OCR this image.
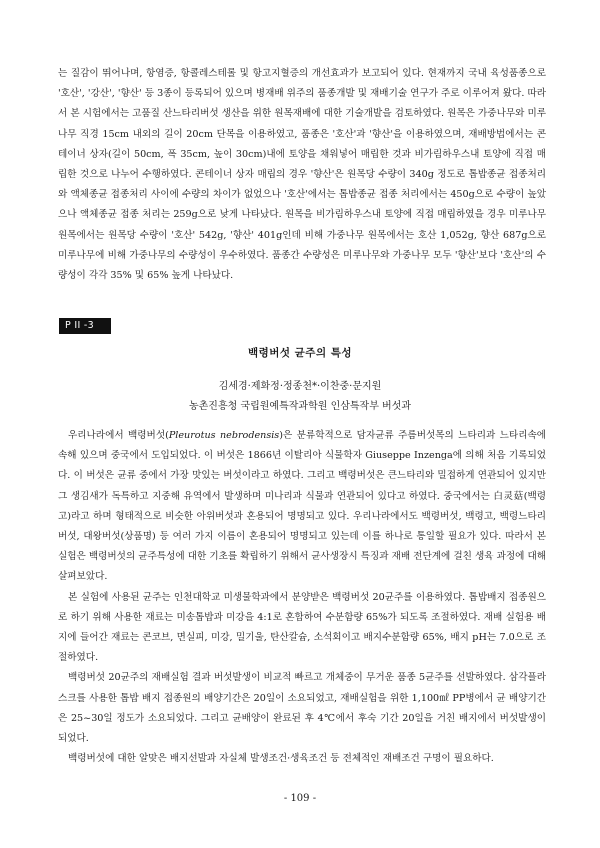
는 질감이 뛰어나며, 항염증, 항콜레스테롤 및 항고지혈증의 개선효과가 보고되어 있다. 현재까지 국내 육성품종으로 '호산', '강산', '향산' 등 3종이 등록되어 있으며 병재배 위주의 품종개발 및 재배기술 연구가 주로 이루어져 왔다. 따라서 본 시험에서는 고품질 산느타리버섯 생산을 위한 원목재배에 대한 기술개발을 검토하였다. 원목은 가중나무와 미루나무 직경 15cm 내외의 길이 20cm 단목을 이용하였고, 품종은 '호산'과 '향산'을 이용하였으며, 재배방법에서는 콘테이너 상자(길이 50cm, 폭 35cm, 높이 30cm)내에 토양을 채워넣어 매립한 것과 비가림하우스내 토양에 직접 매립한 것으로 나누어 수행하였다. 콘테이너 상자 매립의 경우 '향산'은 원목당 수량이 340g 정도로 톱밥종균 접종처리와 액체종균 접종처리 사이에 수량의 차이가 없었으나 '호산'에서는 톱밥종균 접종 처리에서는 450g으로 수량이 높았으나 액체종균 접종 처리는 259g으로 낮게 나타났다. 원목을 비가림하우스내 토양에 직접 매립하였을 경우 미루나무 원목에서는 원목당 수량이 '호산' 542g, '향산' 401g인데 비해 가중나무 원목에서는 호산 1,052g, 향산 687g으로 미루나무에 비해 가중나무의 수량성이 우수하였다. 품종간 수량성은 미루나무와 가중나무 모두 '향산'보다 '호산'의 수량성이 각각 35% 및 65% 높게 나타났다.

P II -3
백령버섯 균주의 특성
김세경·제화정·정종천*·이찬중·문지원
농촌진흥청 국립원예특작과학원 인삼특작부 버섯과
우리나라에서 백령버섯(Pleurotus nebrodensis)은 분류학적으로 담자균류 주름버섯목의 느타리과 느타리속에 속해 있으며 중국에서 도입되었다. 이 버섯은 1866년 이탈리아 식물학자 Giuseppe Inzenga에 의해 처음 기록되었다. 이 버섯은 균류 중에서 가장 맛있는 버섯이라고 하였다. 그리고 백령버섯은 큰느타리와 밀접하게 연관되어 있지만 그 생김새가 독특하고 지중해 유역에서 발생하며 미나리과 식물과 연관되어 있다고 하였다. 중국에서는 白灵菇(백령고)라고 하며 형태적으로 비슷한 아위버섯과 혼용되어 명명되고 있다. 우리나라에서도 백령버섯, 백령고, 백령느타리버섯, 대왕버섯(상품명) 등 여러 가지 이름이 혼용되어 명명되고 있는데 이를 하나로 통일할 필요가 있다. 따라서 본 실험은 백령버섯의 균주특성에 대한 기초를 확립하기 위해서 균사생장시 특징과 재배 전단계에 걸친 생육 과정에 대해 살펴보았다.
본 실험에 사용된 균주는 인천대학교 미생물학과에서 분양받은 백령버섯 20균주를 이용하였다. 톱밥배지 접종원으로 하기 위해 사용한 재료는 미송톱밥과 미강을 4:1로 혼합하여 수분함량 65%가 되도록 조절하였다. 재배 실험용 배지에 들어간 재료는 콘코브, 면실피, 미강, 밀기울, 탄산칼슘, 소석회이고 배지수분함량 65%, 배지 pH는 7.0으로 조절하였다.
백령버섯 20균주의 재배실험 결과 버섯발생이 비교적 빠르고 개체중이 무거운 품종 5균주를 선발하였다. 삼각플라스크를 사용한 톱밥 배지 접종원의 배양기간은 20일이 소요되었고, 재배실험을 위한 1,100㎖ PP병에서 균 배양기간은 25~30일 정도가 소요되었다. 그리고 균배양이 완료된 후 4℃에서 후숙 기간 20일을 거친 배지에서 버섯발생이 되었다.
백령버섯에 대한 알맞은 배지선발과 자실체 발생조건·생육조건 등 전체적인 재배조건 구명이 필요하다.
- 109 -
